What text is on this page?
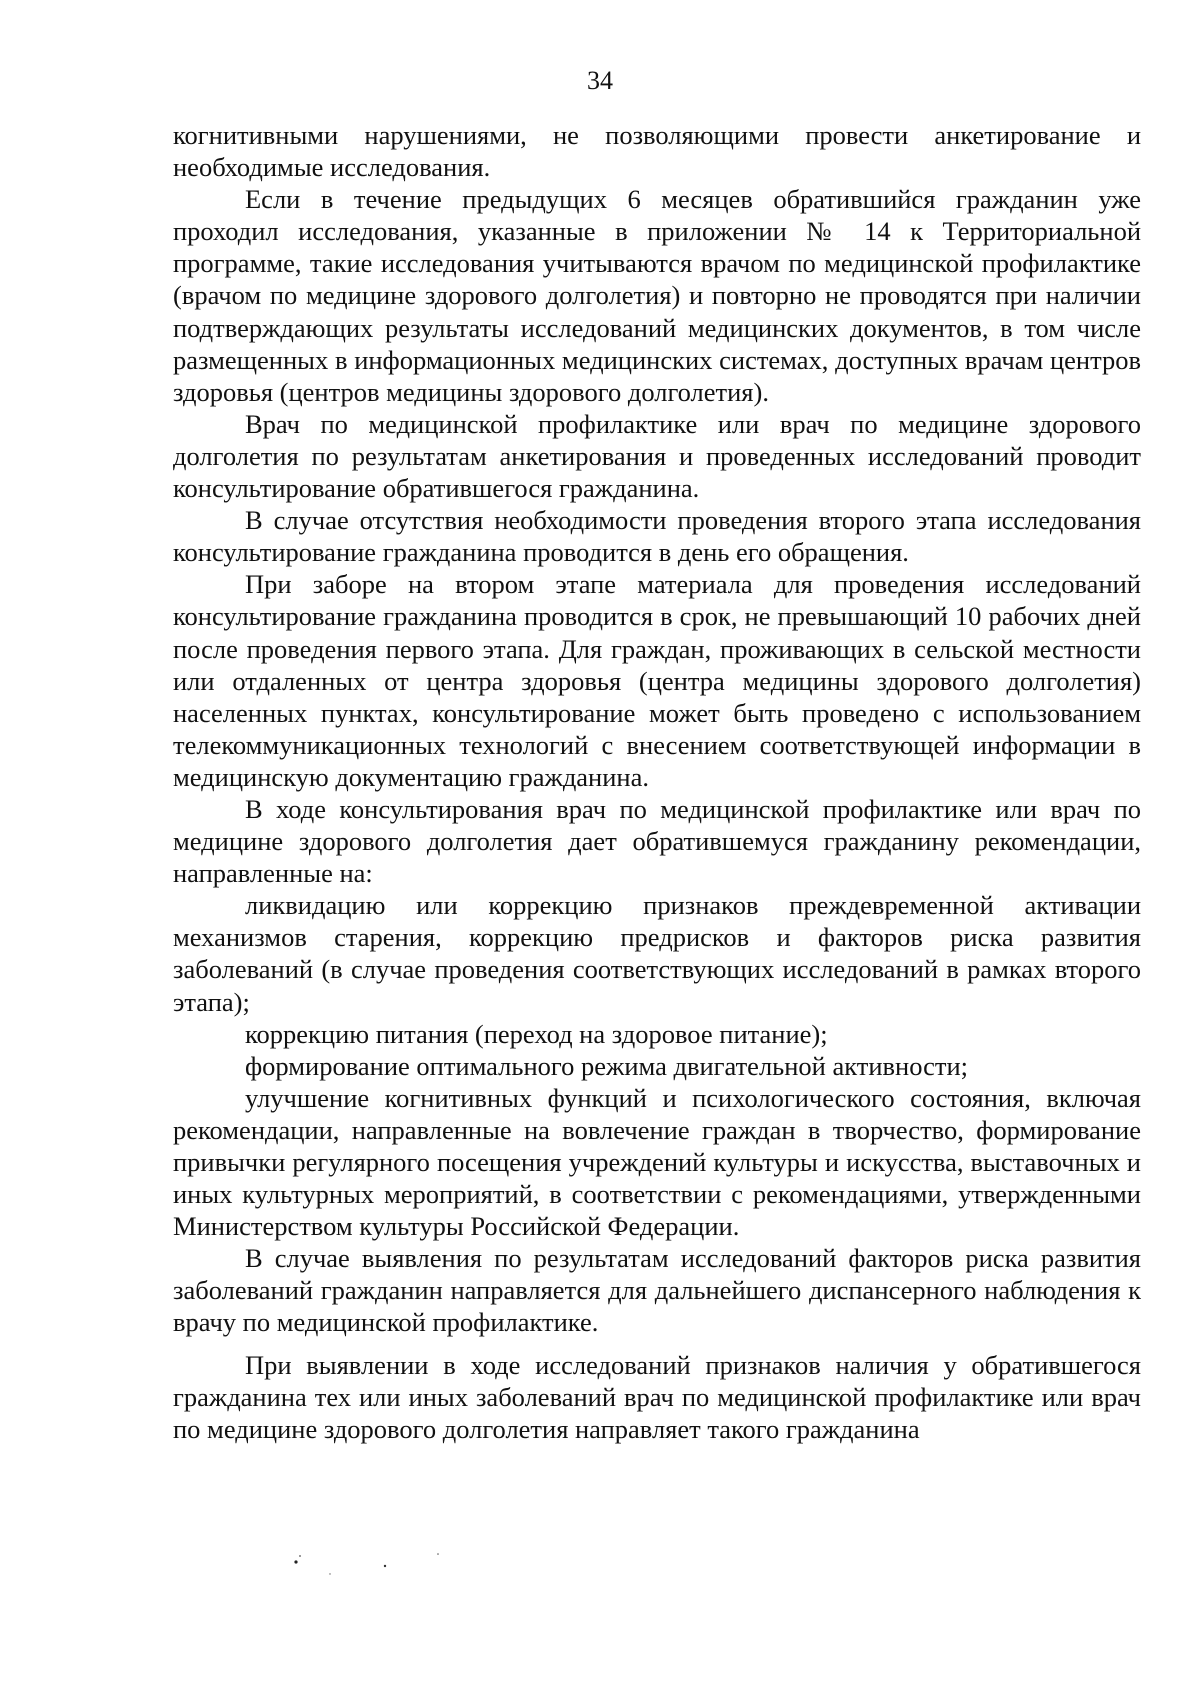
34

когнитивными нарушениями, не позволяющими провести анкетирование и необходимые исследования.

Если в течение предыдущих 6 месяцев обратившийся гражданин уже проходил исследования, указанные в приложении № 14 к Территориальной программе, такие исследования учитываются врачом по медицинской профилактике (врачом по медицине здорового долголетия) и повторно не проводятся при наличии подтверждающих результаты исследований медицинских документов, в том числе размещенных в информационных медицинских системах, доступных врачам центров здоровья (центров медицины здорового долголетия).

Врач по медицинской профилактике или врач по медицине здорового долголетия по результатам анкетирования и проведенных исследований проводит консультирование обратившегося гражданина.

В случае отсутствия необходимости проведения второго этапа исследования консультирование гражданина проводится в день его обращения.

При заборе на втором этапе материала для проведения исследований консультирование гражданина проводится в срок, не превышающий 10 рабочих дней после проведения первого этапа. Для граждан, проживающих в сельской местности или отдаленных от центра здоровья (центра медицины здорового долголетия) населенных пунктах, консультирование может быть проведено с использованием телекоммуникационных технологий с внесением соответствующей информации в медицинскую документацию гражданина.

В ходе консультирования врач по медицинской профилактике или врач по медицине здорового долголетия дает обратившемуся гражданину рекомендации, направленные на:

ликвидацию или коррекцию признаков преждевременной активации механизмов старения, коррекцию предрисков и факторов риска развития заболеваний (в случае проведения соответствующих исследований в рамках второго этапа);

коррекцию питания (переход на здоровое питание);

формирование оптимального режима двигательной активности;

улучшение когнитивных функций и психологического состояния, включая рекомендации, направленные на вовлечение граждан в творчество, формирование привычки регулярного посещения учреждений культуры и искусства, выставочных и иных культурных мероприятий, в соответствии с рекомендациями, утвержденными Министерством культуры Российской Федерации.

В случае выявления по результатам исследований факторов риска развития заболеваний гражданин направляется для дальнейшего диспансерного наблюдения к врачу по медицинской профилактике.

При выявлении в ходе исследований признаков наличия у обратившегося гражданина тех или иных заболеваний врач по медицинской профилактике или врач по медицине здорового долголетия направляет такого гражданина
